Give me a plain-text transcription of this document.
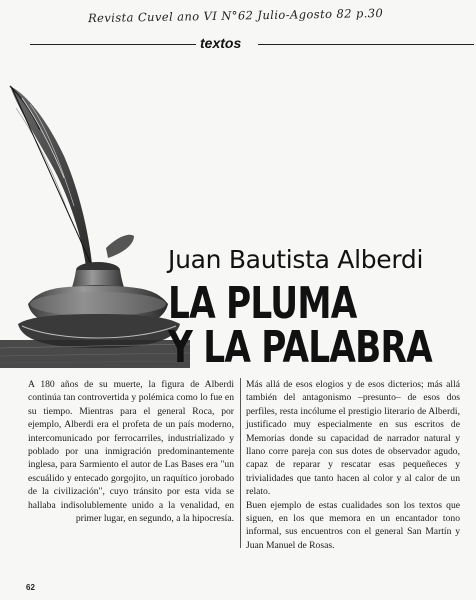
Revista Cuvel ano VI N°62 Julio-Agosto 82 p.30
textos
Juan Bautista Alberdi
LA PLUMA
Y LA PALABRA

A 180 años de su muerte, la figura de Alberdi continúa tan controvertida y polémica como lo fue en su tiempo. Mientras para el general Roca, por ejemplo, Alberdi era el profeta de un país moderno, intercomunicado por ferrocarriles, industrializado y poblado por una inmigración predominantemente inglesa, para Sarmiento el autor de Las Bases era "un escuálido y entecado gorgojito, un raquítico jorobado de la civilización", cuyo tránsito por esta vida se hallaba indisolublemente unido a la venalidad, en primer lugar, en segundo, a la hipocresía.

Más allá de esos elogios y de esos dicterios; más allá también del antagonismo –presunto– de esos dos perfiles, resta incólume el prestigio literario de Alberdi, justificado muy especialmente en sus escritos de Memorias donde su capacidad de narrador natural y llano corre pareja con sus dotes de observador agudo, capaz de reparar y rescatar esas pequeñeces y trivialidades que tanto hacen al color y al calor de un relato.

Buen ejemplo de estas cualidades son los textos que siguen, en los que memora en un encantador tono informal, sus encuentros con el general San Martín y Juan Manuel de Rosas.

62
